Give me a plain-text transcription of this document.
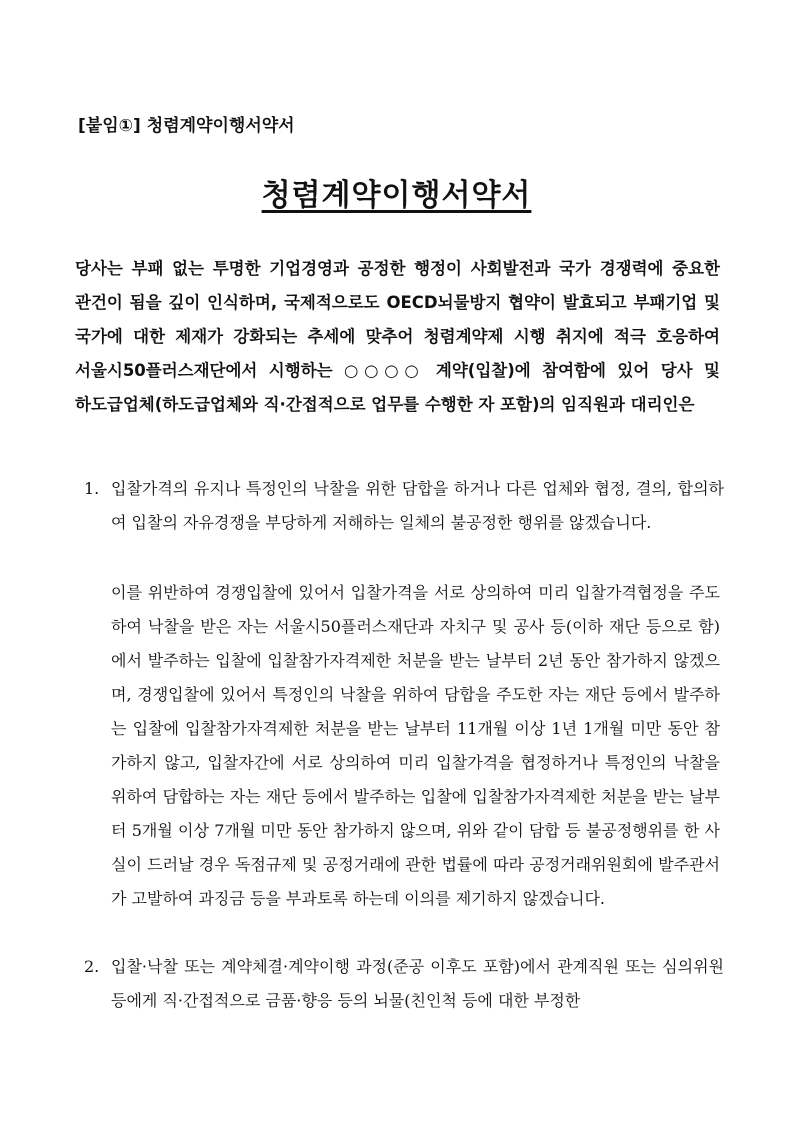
[붙임①] 청렴계약이행서약서
청렴계약이행서약서
당사는 부패 없는 투명한 기업경영과 공정한 행정이 사회발전과 국가 경쟁력에 중요한 관건이 됨을 깊이 인식하며, 국제적으로도 OECD뇌물방지 협약이 발효되고 부패기업 및 국가에 대한 제재가 강화되는 추세에 맞추어 청렴계약제 시행 취지에 적극 호응하여 서울시50플러스재단에서 시행하는 ○○○○ 계약(입찰)에 참여함에 있어 당사 및 하도급업체(하도급업체와 직·간접적으로 업무를 수행한 자 포함)의 임직원과 대리인은
1. 입찰가격의 유지나 특정인의 낙찰을 위한 담합을 하거나 다른 업체와 협정, 결의, 합의하여 입찰의 자유경쟁을 부당하게 저해하는 일체의 불공정한 행위를 않겠습니다.
이를 위반하여 경쟁입찰에 있어서 입찰가격을 서로 상의하여 미리 입찰가격협정을 주도하여 낙찰을 받은 자는 서울시50플러스재단과 자치구 및 공사 등(이하 재단 등으로 함)에서 발주하는 입찰에 입찰참가자격제한 처분을 받는 날부터 2년 동안 참가하지 않겠으며, 경쟁입찰에 있어서 특정인의 낙찰을 위하여 담합을 주도한 자는 재단 등에서 발주하는 입찰에 입찰참가자격제한 처분을 받는 날부터 11개월 이상 1년 1개월 미만 동안 참가하지 않고, 입찰자간에 서로 상의하여 미리 입찰가격을 협정하거나 특정인의 낙찰을 위하여 담합하는 자는 재단 등에서 발주하는 입찰에 입찰참가자격제한 처분을 받는 날부터 5개월 이상 7개월 미만 동안 참가하지 않으며, 위와 같이 담합 등 불공정행위를 한 사실이 드러날 경우 독점규제 및 공정거래에 관한 법률에 따라 공정거래위원회에 발주관서가 고발하여 과징금 등을 부과토록 하는데 이의를 제기하지 않겠습니다.
2. 입찰·낙찰 또는 계약체결·계약이행 과정(준공 이후도 포함)에서 관계직원 또는 심의위원 등에게 직·간접적으로 금품·향응 등의 뇌물(친인척 등에 대한 부정한
